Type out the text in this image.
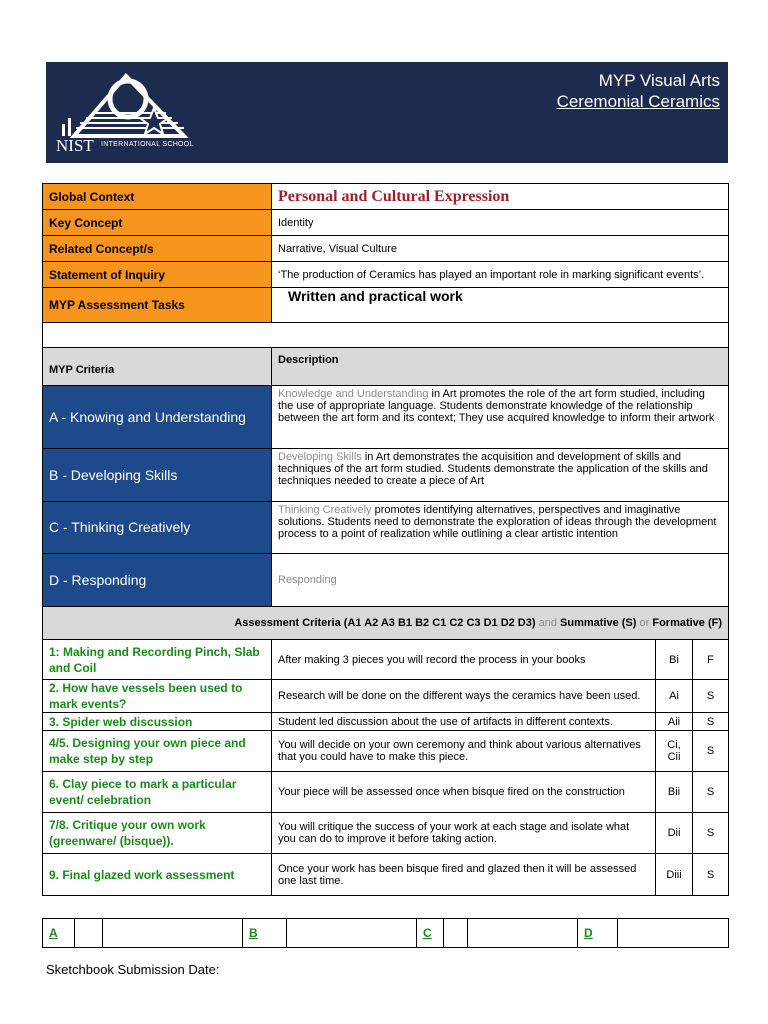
NIST INTERNATIONAL SCHOOL
MYP Visual Arts
Ceremonial Ceramics
Global Context	Personal and Cultural Expression		
Key Concept	Identity		
Related Concept/s	Narrative, Visual Culture		
Statement of Inquiry	‘The production of Ceramics has played an important role in marking significant events’.		
MYP Assessment Tasks	Written and practical work		

MYP Criteria	Description		
A - Knowing and Understanding	Knowledge and Understanding in Art promotes the role of the art form studied, including the use of appropriate language. Students demonstrate knowledge of the relationship between the art form and its context; They use acquired knowledge to inform their artwork		
B - Developing Skills	Developing Skills in Art demonstrates the acquisition and development of skills and techniques of the art form studied. Students demonstrate the application of the skills and techniques needed to create a piece of Art		
C - Thinking Creatively	Thinking Creatively promotes identifying alternatives, perspectives and imaginative solutions. Students need to demonstrate the exploration of ideas through the development process to a point of realization while outlining a clear artistic intention		
D - Responding	Responding		
Assessment Criteria (A1 A2 A3 B1 B2 C1 C2 C3 D1 D2 D3) and Summative (S) or Formative (F)			
1: Making and Recording Pinch, Slab and Coil	After making 3 pieces you will record the process in your books	Bi	F
2. How have vessels been used to mark events?	Research will be done on the different ways the ceramics have been used.	Ai	S
3. Spider web discussion	Student led discussion about the use of artifacts in different contexts.	Aii	S
4/5. Designing your own piece and make step by step	You will decide on your own ceremony and think about various alternatives that you could have to make this piece.	Ci, Cii	S
6. Clay piece to mark a particular event/ celebration	Your piece will be assessed once when bisque fired on the construction	Bii	S
7/8. Critique your own work (greenware/ (bisque)).	You will critique the success of your work at each stage and isolate what you can do to improve it before taking action.	Dii	S
9. Final glazed work assessment	Once your work has been bisque fired and glazed then it will be assessed one last time.	Diii	S
A			B		C			D	
Sketchbook Submission Date:
